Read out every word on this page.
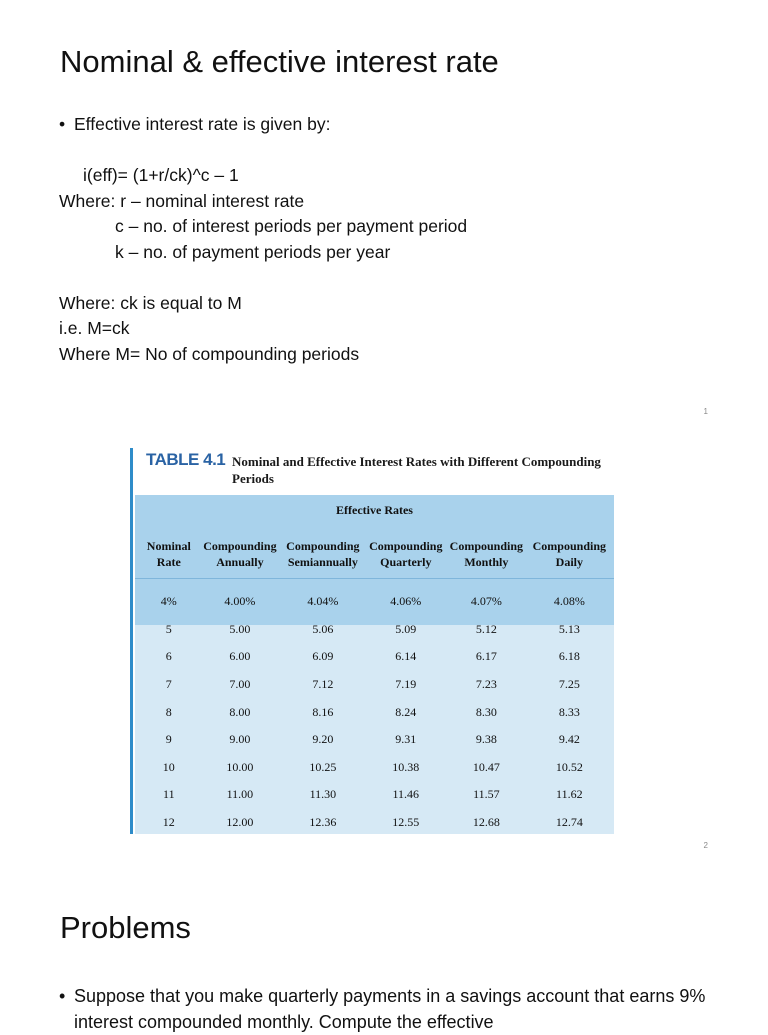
Nominal & effective interest rate
• Effective interest rate is given by:
i(eff)= (1+r/ck)^c – 1
Where: r – nominal interest rate
c – no. of interest periods per payment period
k – no. of payment periods per year
Where: ck is equal to M
i.e. M=ck
Where M= No of compounding periods
1
TABLE 4.1 Nominal and Effective Interest Rates with Different Compounding Periods
Effective Rates
Nominal Rate	Compounding Annually	Compounding Semiannually	Compounding Quarterly	Compounding Monthly	Compounding Daily

4%	4.00%	4.04%	4.06%	4.07%	4.08%
5	5.00	5.06	5.09	5.12	5.13
6	6.00	6.09	6.14	6.17	6.18
7	7.00	7.12	7.19	7.23	7.25
8	8.00	8.16	8.24	8.30	8.33
9	9.00	9.20	9.31	9.38	9.42
10	10.00	10.25	10.38	10.47	10.52
11	11.00	11.30	11.46	11.57	11.62
12	12.00	12.36	12.55	12.68	12.74
2
Problems
• Suppose that you make quarterly payments in a savings account that earns 9% interest compounded monthly. Compute the effective
